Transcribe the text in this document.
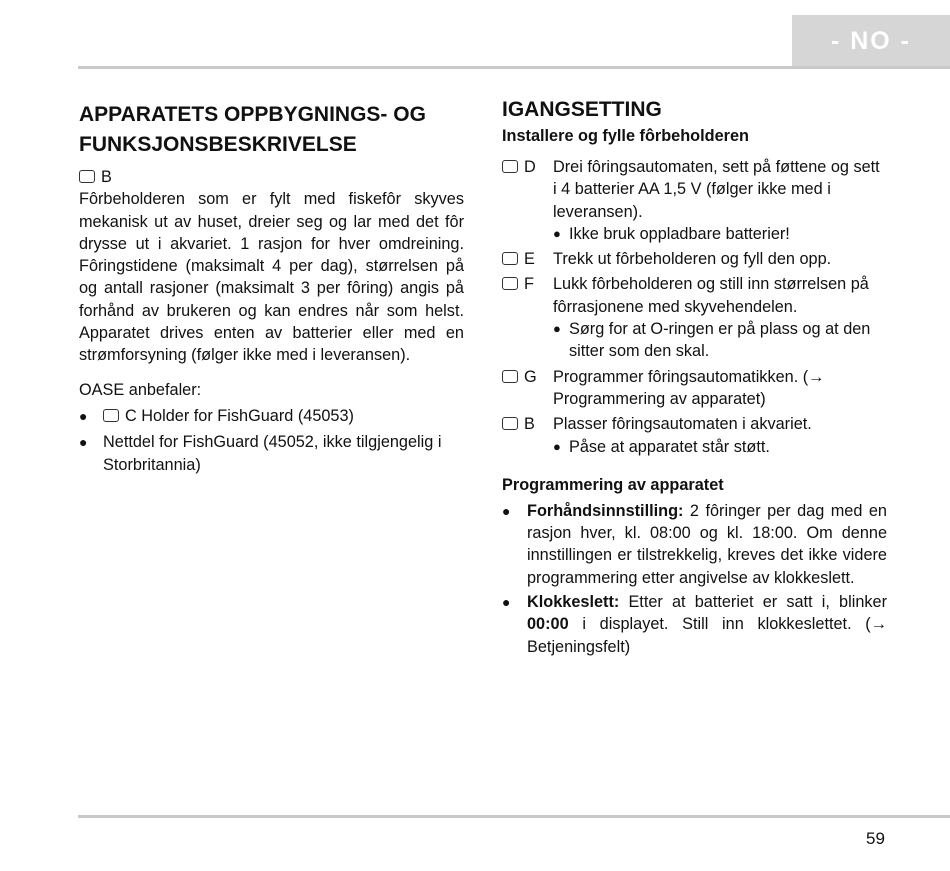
- NO -
APPARATETS OPPBYGNINGS- OG
FUNKSJONSBESKRIVELSE
B

Fôrbeholderen som er fylt med fiskefôr skyves mekanisk ut av huset, dreier seg og lar med det fôr drysse ut i akvariet. 1 rasjon for hver omdreining. Fôringstidene (maksimalt 4 per dag), størrelsen på og antall rasjoner (maksimalt 3 per fôring) angis på forhånd av brukeren og kan endres når som helst. Apparatet drives enten av batterier eller med en strømforsyning (følger ikke med i leveransen).

OASE anbefaler:

●	C Holder for FishGuard (45053)
● Nettdel for FishGuard (45052, ikke tilgjengelig i Storbritannia)
IGANGSETTING
Installere og fylle fôrbeholderen
D	Drei fôringsautomaten, sett på føttene og sett i 4 batterier AA 1,5 V (følger ikke med i leveransen).
● Ikke bruk oppladbare batterier!
E	Trekk ut fôrbeholderen og fyll den opp.
F	Lukk fôrbeholderen og still inn størrelsen på fôrrasjonene med skyvehendelen.
● Sørg for at O-ringen er på plass og at den sitter som den skal.
G	Programmer fôringsautomatikken. (→ Programmering av apparatet)
B	Plasser fôringsautomaten i akvariet.
● Påse at apparatet står støtt.
Programmering av apparatet
●	Forhåndsinnstilling: 2 fôringer per dag med en rasjon hver, kl. 08:00 og kl. 18:00. Om denne innstillingen er tilstrekkelig, kreves det ikke videre programmering etter angivelse av klokkeslett.
●	Klokkeslett: Etter at batteriet er satt i, blinker 00:00 i displayet. Still inn klokkeslettet. (→ Betjeningsfelt)
59
